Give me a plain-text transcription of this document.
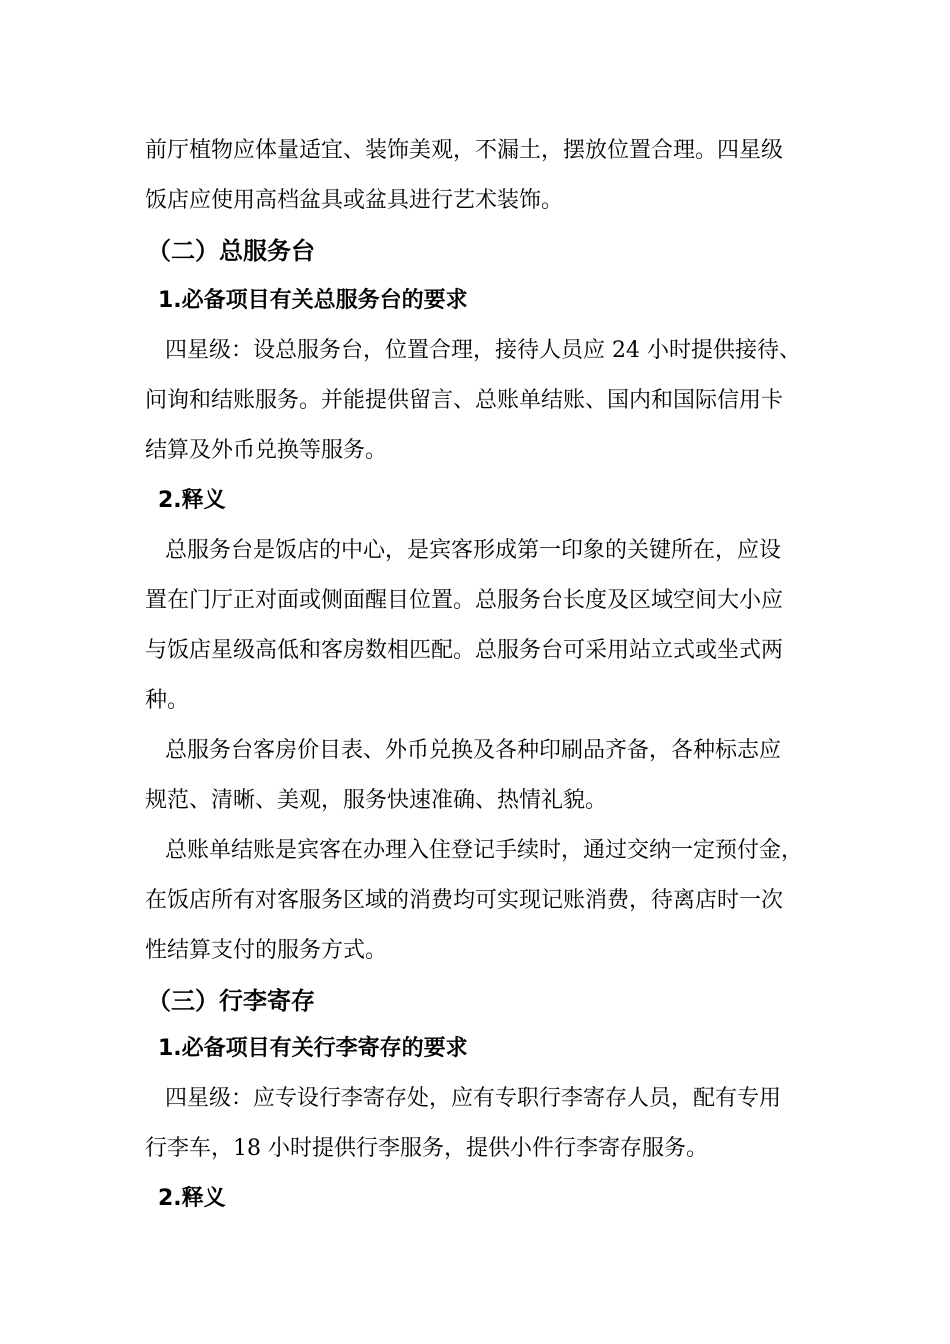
前厅植物应体量适宜、装饰美观，不漏土，摆放位置合理。四星级
饭店应使用高档盆具或盆具进行艺术装饰。
（二）总服务台
1.必备项目有关总服务台的要求
四星级：设总服务台，位置合理，接待人员应 24 小时提供接待、
问询和结账服务。并能提供留言、总账单结账、国内和国际信用卡
结算及外币兑换等服务。
2.释义
总服务台是饭店的中心，是宾客形成第一印象的关键所在，应设
置在门厅正对面或侧面醒目位置。总服务台长度及区域空间大小应
与饭店星级高低和客房数相匹配。总服务台可采用站立式或坐式两
种。
总服务台客房价目表、外币兑换及各种印刷品齐备，各种标志应
规范、清晰、美观，服务快速准确、热情礼貌。
总账单结账是宾客在办理入住登记手续时，通过交纳一定预付金，
在饭店所有对客服务区域的消费均可实现记账消费，待离店时一次
性结算支付的服务方式。
（三）行李寄存
1.必备项目有关行李寄存的要求
四星级：应专设行李寄存处，应有专职行李寄存人员，配有专用
行李车，18 小时提供行李服务，提供小件行李寄存服务。
2.释义
